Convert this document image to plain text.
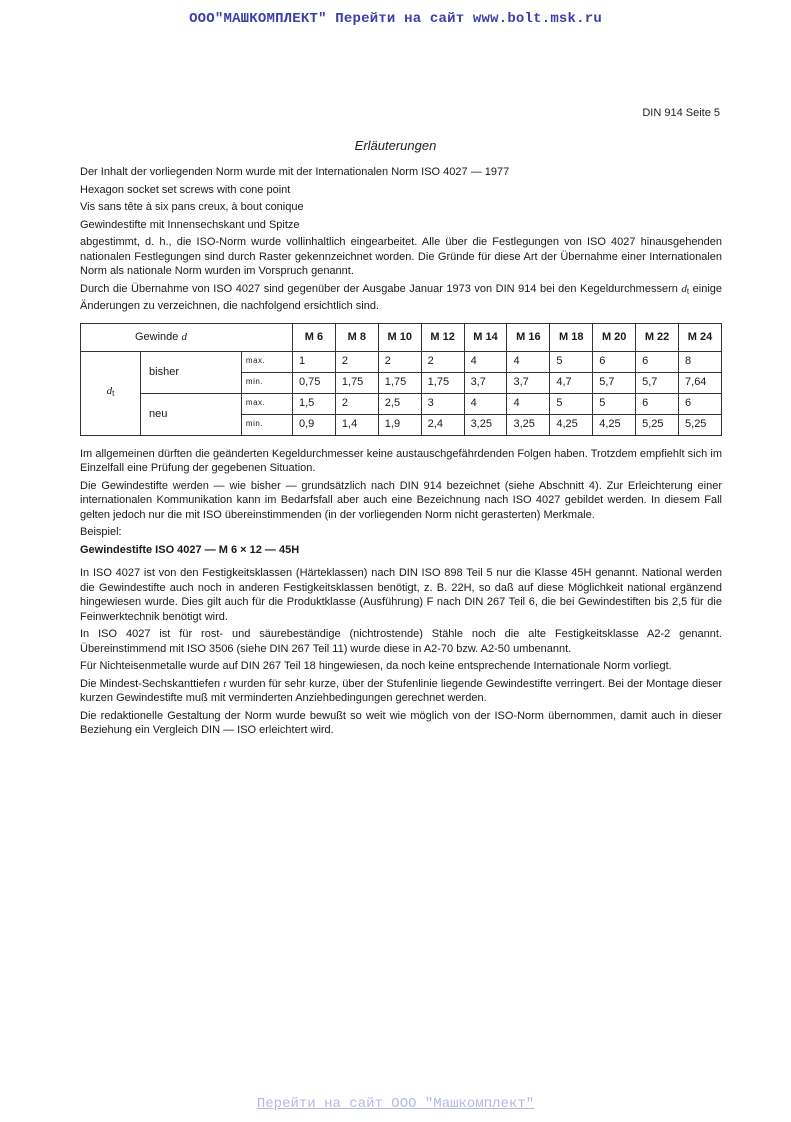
ООО"МАШКОМПЛЕКТ" Перейти на сайт www.bolt.msk.ru
DIN 914 Seite 5
Erläuterungen

Der Inhalt der vorliegenden Norm wurde mit der Internationalen Norm ISO 4027 — 1977

Hexagon socket set screws with cone point

Vis sans tête à six pans creux, à bout conique

Gewindestifte mit Innensechskant und Spitze

abgestimmt, d. h., die ISO-Norm wurde vollinhaltlich eingearbeitet. Alle über die Festlegungen von ISO 4027 hinausgehenden nationalen Festlegungen sind durch Raster gekennzeichnet worden. Die Gründe für diese Art der Übernahme einer Internationalen Norm als nationale Norm wurden im Vorspruch genannt.

Durch die Übernahme von ISO 4027 sind gegenüber der Ausgabe Januar 1973 von DIN 914 bei den Kegeldurchmessern dt einige Änderungen zu verzeichnen, die nachfolgend ersichtlich sind.

Gewinde d			M 6	M 8	M 10	M 12	M 14	M 16	M 18	M 20	M 22	M 24
dt	bisher	max.	1	2	2	2	4	4	5	6	6	8
		min.	0,75	1,75	1,75	1,75	3,7	3,7	4,7	5,7	5,7	7,64
	neu	max.	1,5	2	2,5	3	4	4	5	5	6	6
		min.	0,9	1,4	1,9	2,4	3,25	3,25	4,25	4,25	5,25	5,25

Im allgemeinen dürften die geänderten Kegeldurchmesser keine austauschgefährdenden Folgen haben. Trotzdem empfiehlt sich im Einzelfall eine Prüfung der gegebenen Situation.

Die Gewindestifte werden — wie bisher — grundsätzlich nach DIN 914 bezeichnet (siehe Abschnitt 4). Zur Erleichterung einer internationalen Kommunikation kann im Bedarfsfall aber auch eine Bezeichnung nach ISO 4027 gebildet werden. In diesem Fall gelten jedoch nur die mit ISO übereinstimmenden (in der vorliegenden Norm nicht gerasterten) Merkmale.

Beispiel:

Gewindestifte ISO 4027 — M 6 × 12 — 45H

In ISO 4027 ist von den Festigkeitsklassen (Härteklassen) nach DIN ISO 898 Teil 5 nur die Klasse 45H genannt. National werden die Gewindestifte auch noch in anderen Festigkeitsklassen benötigt, z. B. 22H, so daß auf diese Möglichkeit national ergänzend hingewiesen wurde. Dies gilt auch für die Produktklasse (Ausführung) F nach DIN 267 Teil 6, die bei Gewindestiften bis 2,5 für die Feinwerktechnik benötigt wird.

In ISO 4027 ist für rost- und säurebeständige (nichtrostende) Stähle noch die alte Festigkeitsklasse A2-2 genannt. Übereinstimmend mit ISO 3506 (siehe DIN 267 Teil 11) wurde diese in A2-70 bzw. A2-50 umbenannt.

Für Nichteisenmetalle wurde auf DIN 267 Teil 18 hingewiesen, da noch keine entsprechende Internationale Norm vorliegt.

Die Mindest-Sechskanttiefen t wurden für sehr kurze, über der Stufenlinie liegende Gewindestifte verringert. Bei der Montage dieser kurzen Gewindestifte muß mit verminderten Anziehbedingungen gerechnet werden.

Die redaktionelle Gestaltung der Norm wurde bewußt so weit wie möglich von der ISO-Norm übernommen, damit auch in dieser Beziehung ein Vergleich DIN — ISO erleichtert wird.

Перейти на сайт ООО "Машкомплект"
